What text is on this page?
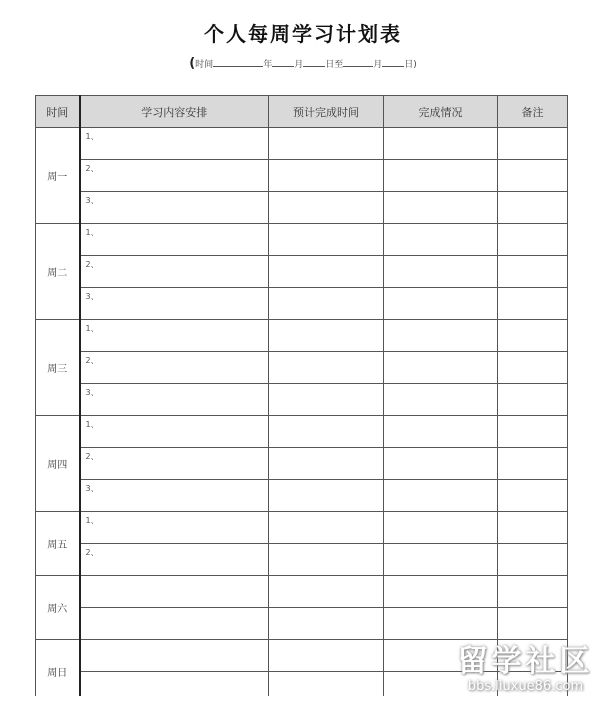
个人每周学习计划表
(时间	年 月 日至	月 日)
时间	学习内容安排	预计完成时间	完成情况	备注
周一	1、			

	2、			

	3、			

周二	1、			

	2、			

	3、			

周三	1、			

	2、			

	3、			

周四	1、			

	2、			

	3、			

周五	1、			

	2、			

周六	

周日	

				留学社区
bbs.liuxue86.com
